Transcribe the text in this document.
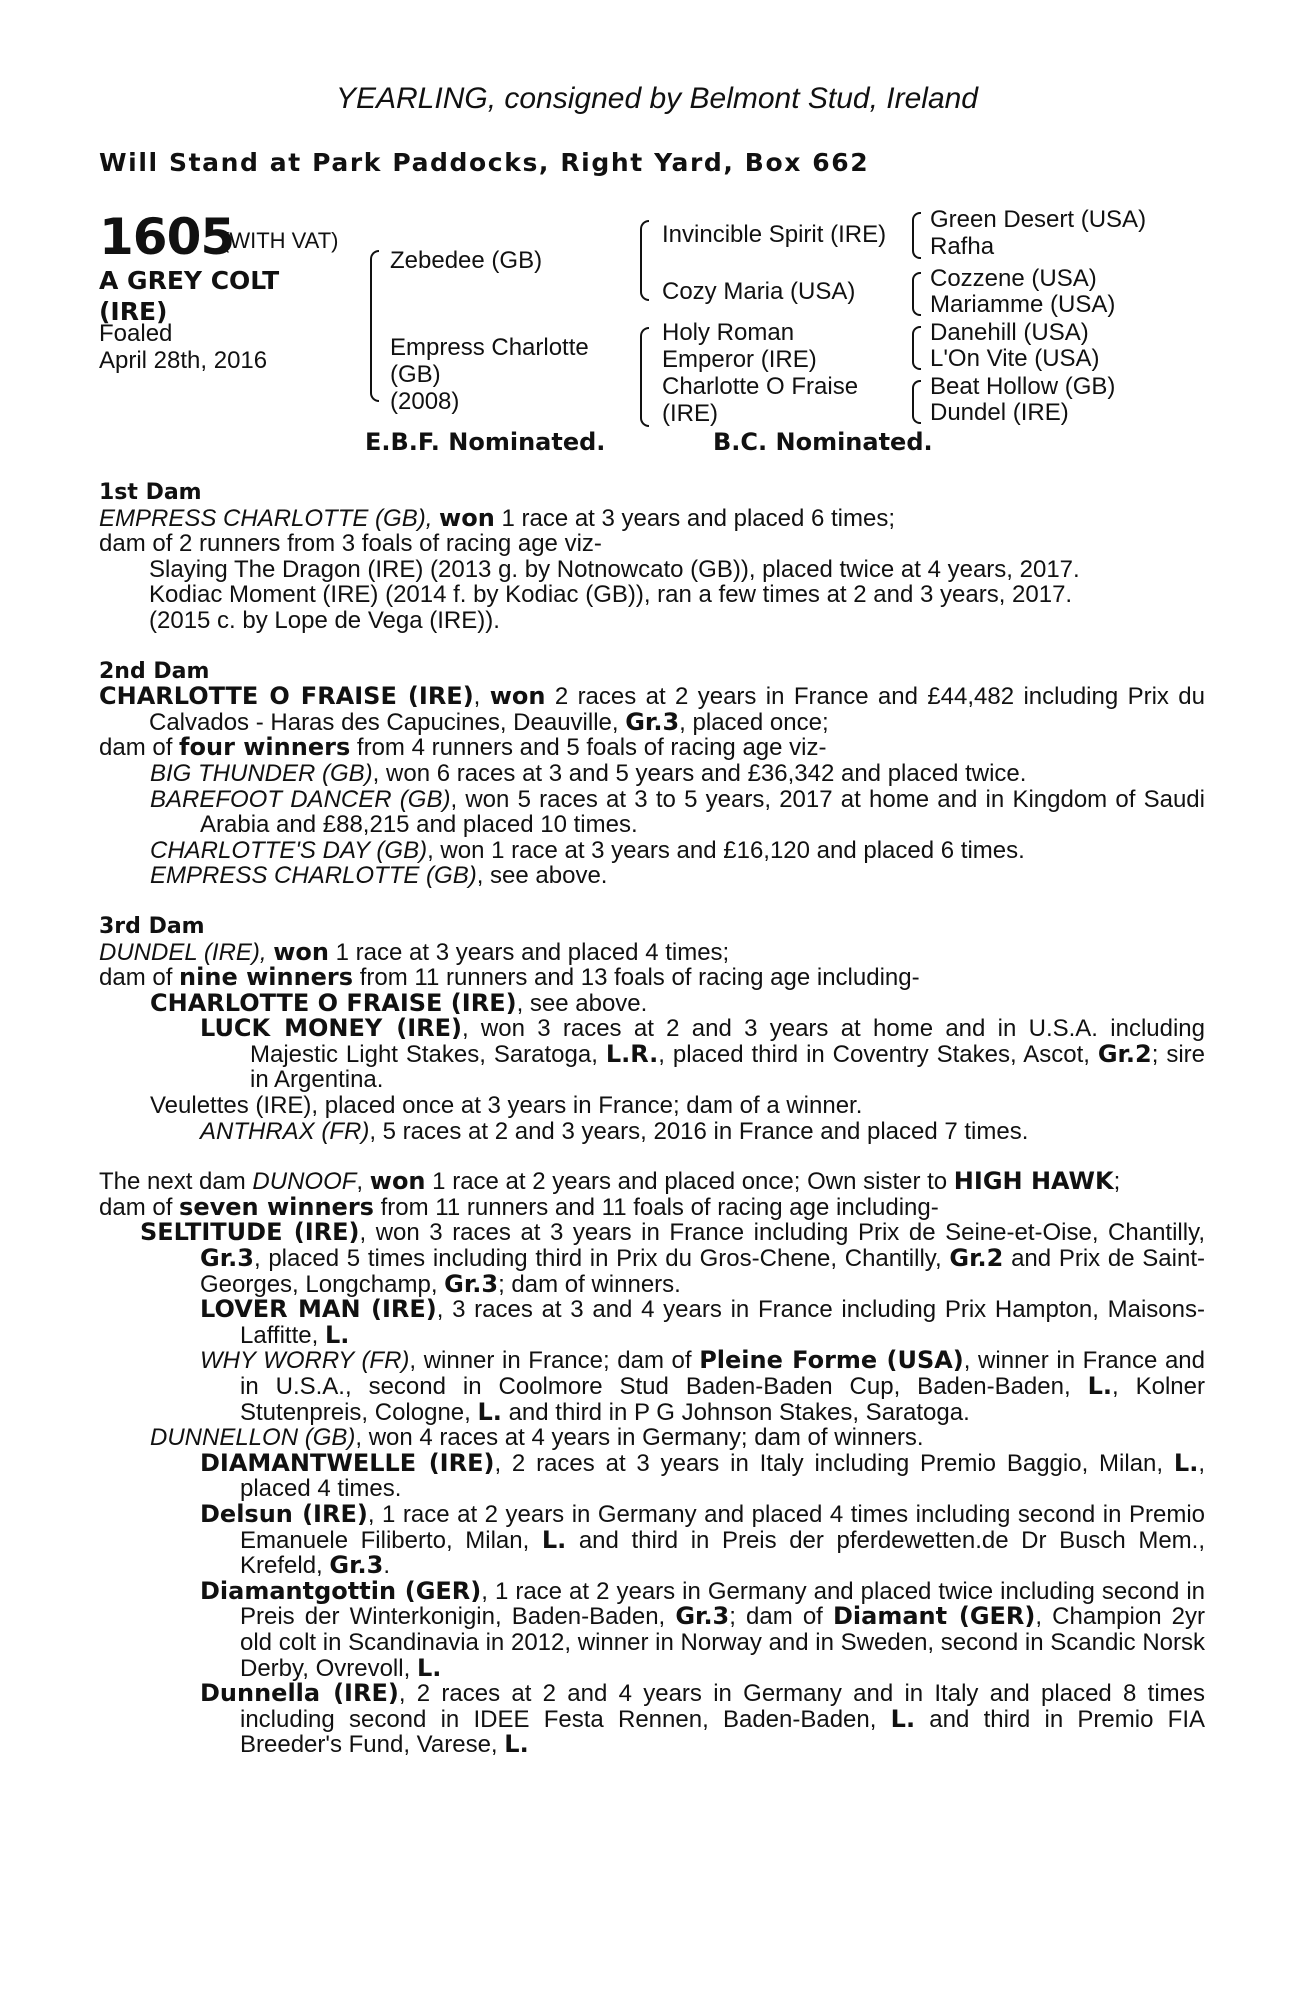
YEARLING, consigned by Belmont Stud, Ireland
Will Stand at Park Paddocks, Right Yard, Box 662
1605
(WITH VAT)
A GREY COLT
(IRE)
Foaled
April 28th, 2016
Zebedee (GB)
Empress Charlotte
(GB)
(2008)
Invincible Spirit (IRE)
Cozy Maria (USA)
Holy Roman
Emperor (IRE)
Charlotte O Fraise
(IRE)
Green Desert (USA)
Rafha
Cozzene (USA)
Mariamme (USA)
Danehill (USA)
L'On Vite (USA)
Beat Hollow (GB)
Dundel (IRE)
E.B.F. Nominated.	B.C. Nominated.

1st Dam

EMPRESS CHARLOTTE (GB), won 1 race at 3 years and placed 6 times;

dam of 2 runners from 3 foals of racing age viz-

Slaying The Dragon (IRE) (2013 g. by Notnowcato (GB)), placed twice at 4 years, 2017.

Kodiac Moment (IRE) (2014 f. by Kodiac (GB)), ran a few times at 2 and 3 years, 2017.

(2015 c. by Lope de Vega (IRE)).

2nd Dam

CHARLOTTE O FRAISE (IRE), won 2 races at 2 years in France and £44,482 including Prix du Calvados - Haras des Capucines, Deauville, Gr.3, placed once;

dam of four winners from 4 runners and 5 foals of racing age viz-

BIG THUNDER (GB), won 6 races at 3 and 5 years and £36,342 and placed twice.

BAREFOOT DANCER (GB), won 5 races at 3 to 5 years, 2017 at home and in Kingdom of Saudi Arabia and £88,215 and placed 10 times.

CHARLOTTE'S DAY (GB), won 1 race at 3 years and £16,120 and placed 6 times.

EMPRESS CHARLOTTE (GB), see above.

3rd Dam

DUNDEL (IRE), won 1 race at 3 years and placed 4 times;

dam of nine winners from 11 runners and 13 foals of racing age including-

CHARLOTTE O FRAISE (IRE), see above.

LUCK MONEY (IRE), won 3 races at 2 and 3 years at home and in U.S.A. including Majestic Light Stakes, Saratoga, L.R., placed third in Coventry Stakes, Ascot, Gr.2; sire in Argentina.

Veulettes (IRE), placed once at 3 years in France; dam of a winner.

ANTHRAX (FR), 5 races at 2 and 3 years, 2016 in France and placed 7 times.

The next dam DUNOOF, won 1 race at 2 years and placed once; Own sister to HIGH HAWK;

dam of seven winners from 11 runners and 11 foals of racing age including-

SELTITUDE (IRE), won 3 races at 3 years in France including Prix de Seine-et-Oise, Chantilly, Gr.3, placed 5 times including third in Prix du Gros-Chene, Chantilly, Gr.2 and Prix de Saint-Georges, Longchamp, Gr.3; dam of winners.

LOVER MAN (IRE), 3 races at 3 and 4 years in France including Prix Hampton, Maisons-Laffitte, L.

WHY WORRY (FR), winner in France; dam of Pleine Forme (USA), winner in France and in U.S.A., second in Coolmore Stud Baden-Baden Cup, Baden-Baden, L., Kolner Stutenpreis, Cologne, L. and third in P G Johnson Stakes, Saratoga.

DUNNELLON (GB), won 4 races at 4 years in Germany; dam of winners.

DIAMANTWELLE (IRE), 2 races at 3 years in Italy including Premio Baggio, Milan, L., placed 4 times.

Delsun (IRE), 1 race at 2 years in Germany and placed 4 times including second in Premio Emanuele Filiberto, Milan, L. and third in Preis der pferdewetten.de Dr Busch Mem., Krefeld, Gr.3.

Diamantgottin (GER), 1 race at 2 years in Germany and placed twice including second in Preis der Winterkonigin, Baden-Baden, Gr.3; dam of Diamant (GER), Champion 2yr old colt in Scandinavia in 2012, winner in Norway and in Sweden, second in Scandic Norsk Derby, Ovrevoll, L.

Dunnella (IRE), 2 races at 2 and 4 years in Germany and in Italy and placed 8 times including second in IDEE Festa Rennen, Baden-Baden, L. and third in Premio FIA Breeder's Fund, Varese, L.
